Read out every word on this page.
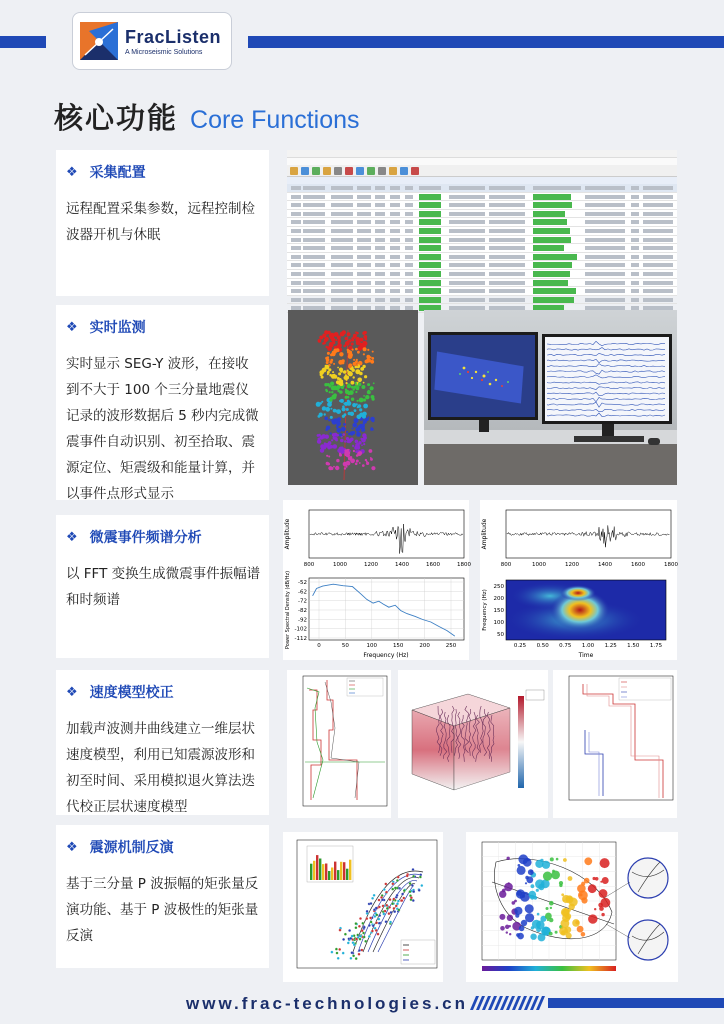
FracListen
A Microseismic Solutions
核心功能 Core Functions
❖ 采集配置
远程配置采集参数，远程控制检波器开机与休眠
❖ 实时监测
实时显示 SEG-Y 波形，在接收到不大于 100 个三分量地震仪记录的波形数据后 5 秒内完成微震事件自动识别、初至拾取、震源定位、矩震级和能量计算，并以事件点形式显示
❖ 微震事件频谱分析
以 FFT 变换生成微震事件振幅谱和时频谱
❖ 速度模型校正
加载声波测井曲线建立一维层状速度模型，利用已知震源波形和初至时间、采用模拟退火算法迭代校正层状速度模型
❖ 震源机制反演
基于三分量 P 波振幅的矩张量反演功能、基于 P 波极性的矩张量反演
Amplitude
800	1000	1200	1400	1600	1800
Power Spectral Density (dB/Hz) -52
-62
-72
-82
-92
-102
-112
0	50	100	150	200	250
Frequency (Hz)
Amplitude
800	1000	1200	1400	1600	1800
Frequency (Hz)
250
200
150
100
50
0.25 0.50 0.75 1.00 1.25 1.50 1.75
Time
www.frac-technologies.cn
